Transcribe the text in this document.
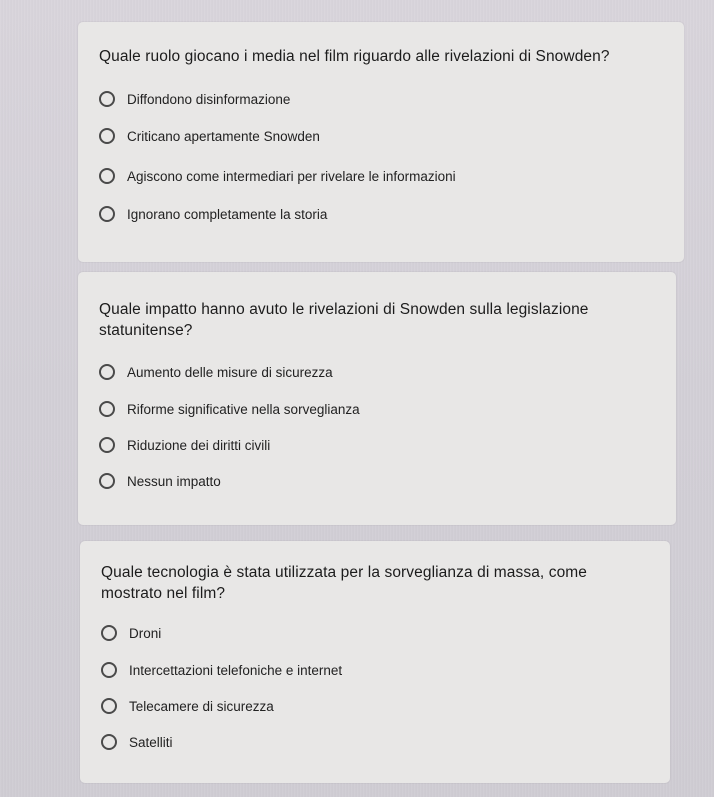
Quale ruolo giocano i media nel film riguardo alle rivelazioni di Snowden?
Diffondono disinformazione
Criticano apertamente Snowden
Agiscono come intermediari per rivelare le informazioni
Ignorano completamente la storia
Quale impatto hanno avuto le rivelazioni di Snowden sulla legislazione statunitense?
Aumento delle misure di sicurezza
Riforme significative nella sorveglianza
Riduzione dei diritti civili
Nessun impatto
Quale tecnologia è stata utilizzata per la sorveglianza di massa, come mostrato nel film?
Droni
Intercettazioni telefoniche e internet
Telecamere di sicurezza
Satelliti
